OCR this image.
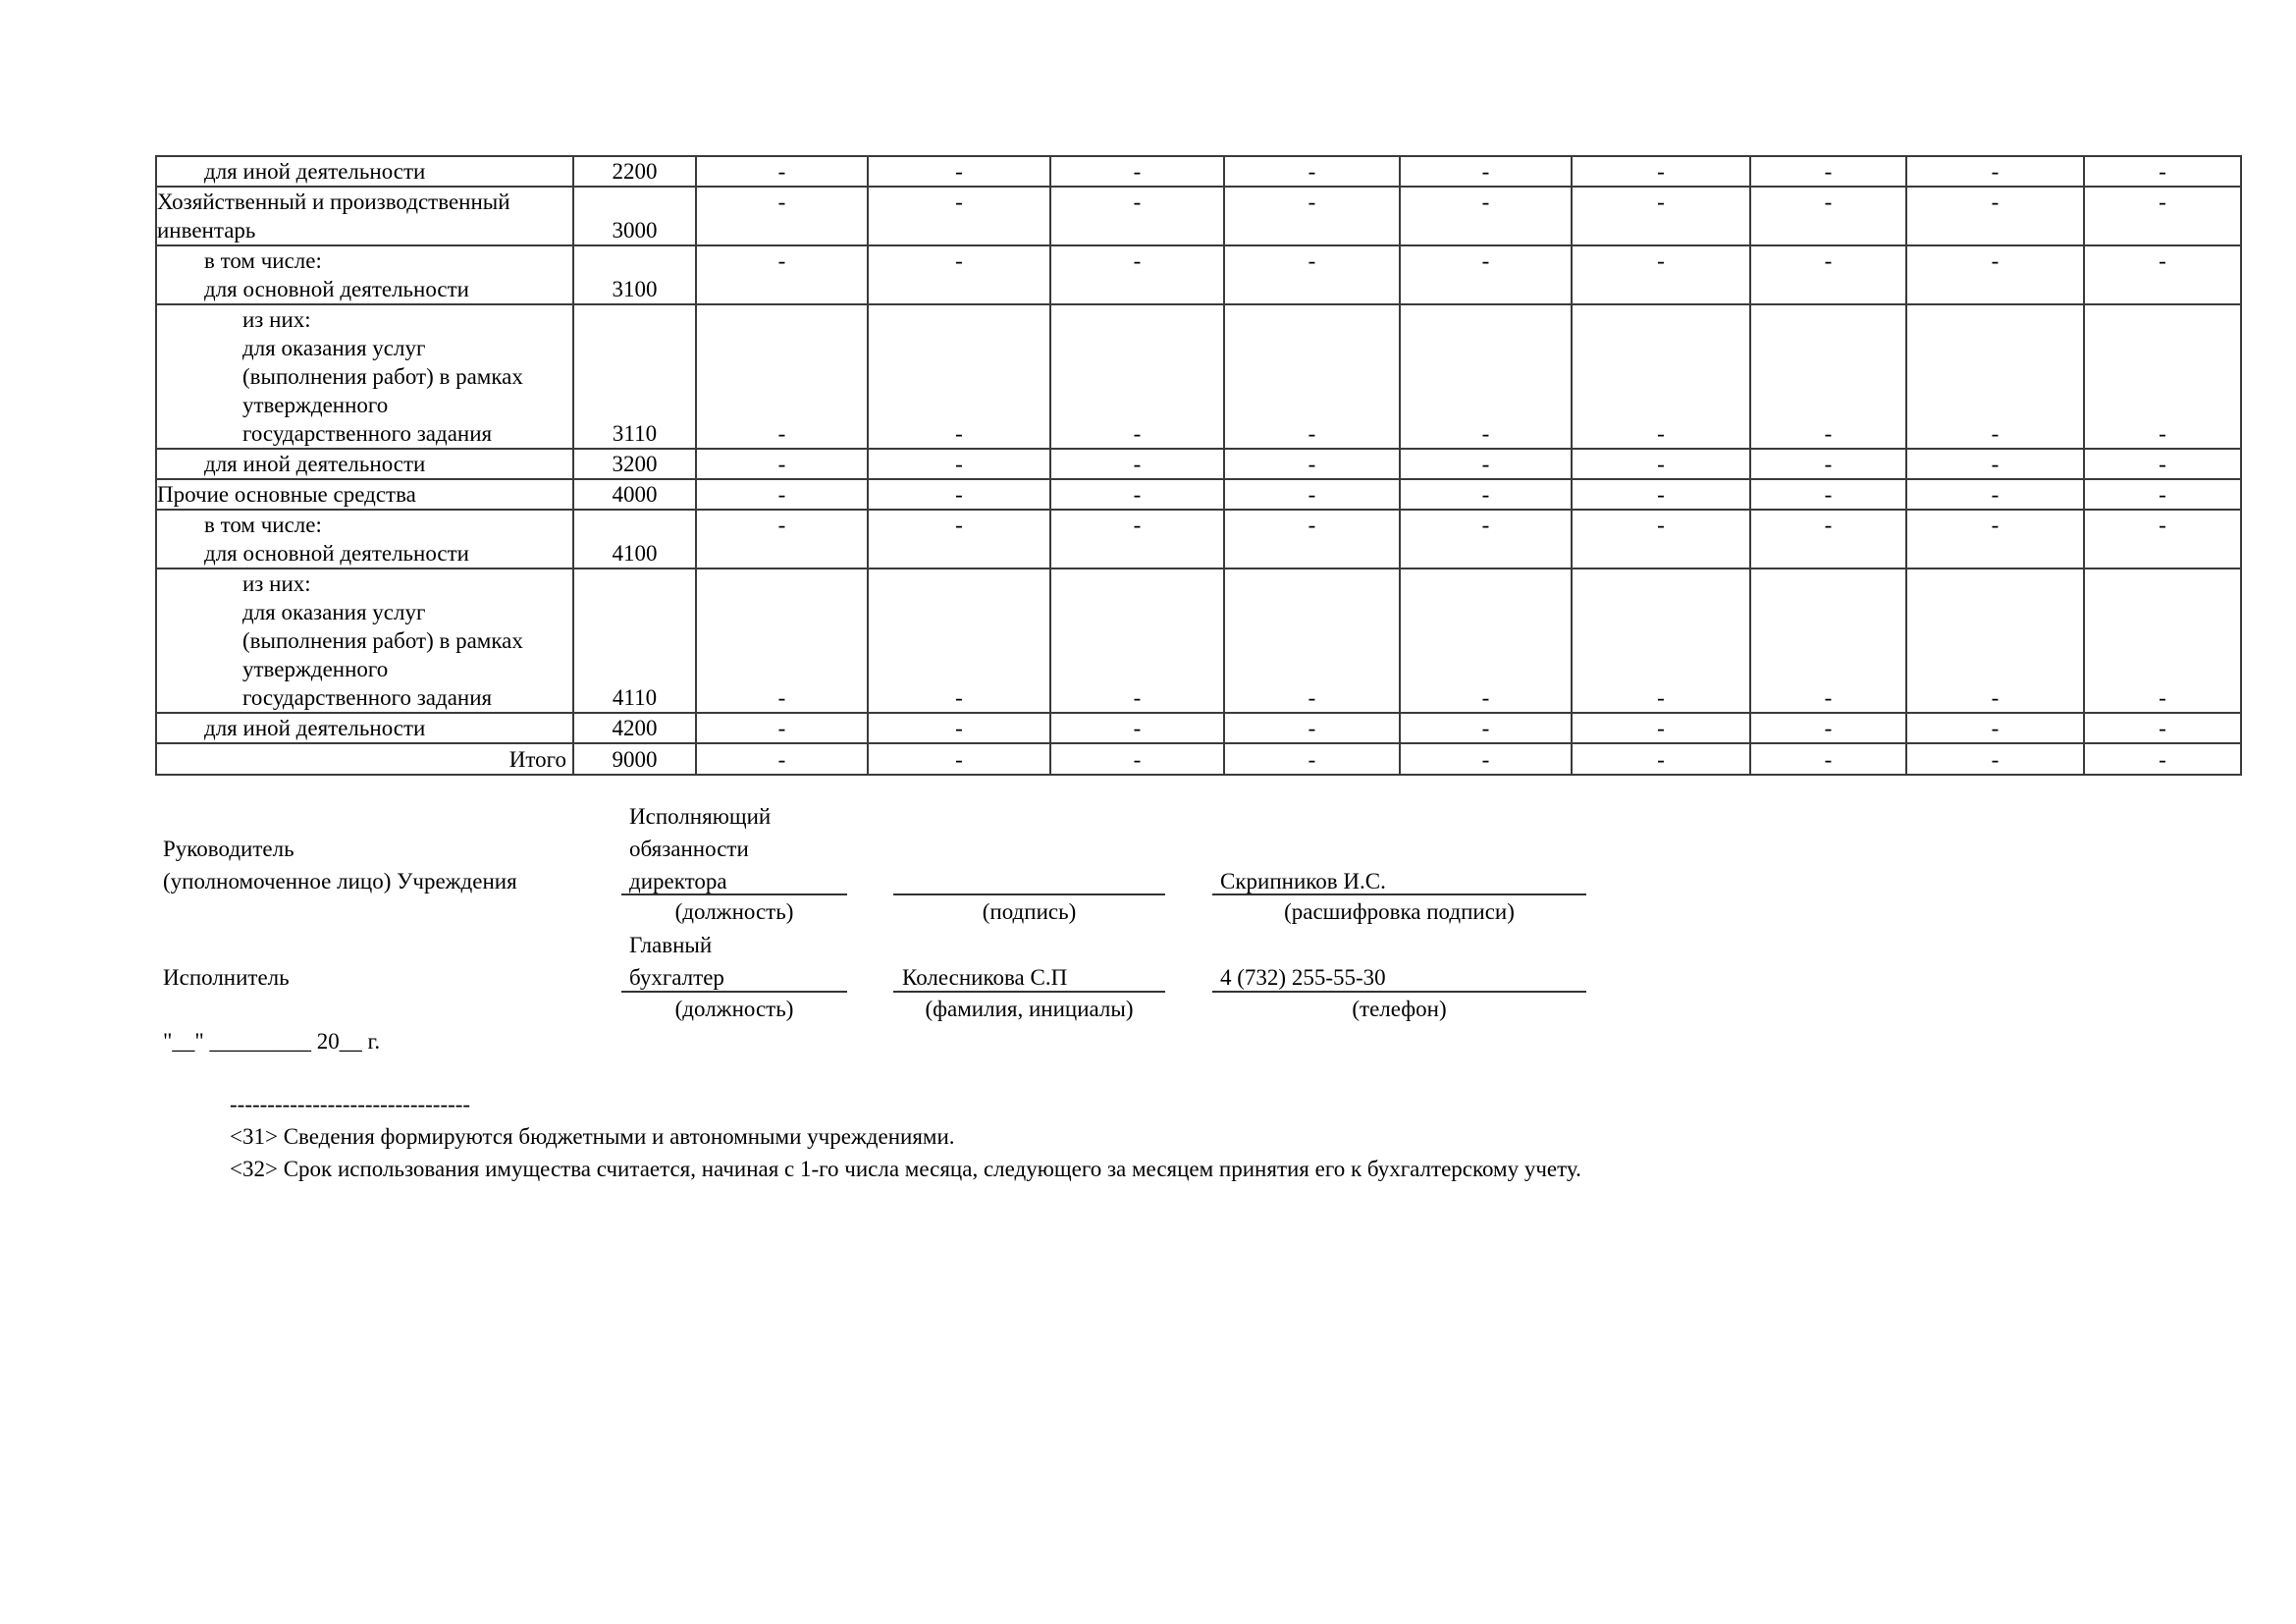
для иной деятельности	2200	-	-	-	-	-	-	-	-	-

Хозяйственный и производственный
инвентарь	3000	-	-	-	-	-	-	-	-	-

в том числе:
для основной деятельности	3100	-	-	-	-	-	-	-	-	-

из них:
для оказания услуг
(выполнения работ) в рамках
утвержденного
государственного задания	3110	-	-	-	-	-	-	-	-	-

для иной деятельности	3200	-	-	-	-	-	-	-	-	-

Прочие основные средства	4000	-	-	-	-	-	-	-	-	-

в том числе:
для основной деятельности	4100	-	-	-	-	-	-	-	-	-

из них:
для оказания услуг
(выполнения работ) в рамках
утвержденного
государственного задания	4110	-	-	-	-	-	-	-	-	-

для иной деятельности	4200	-	-	-	-	-	-	-	-	-

Итого	9000	-	-	-	-	-	-	-	-	-
Руководитель
(уполномоченное лицо) Учреждения
Исполняющий
обязанности
директора
(должность)	(подпись)
Скрипников И.С.
(расшифровка подписи)
Исполнитель
Главный
бухгалтер
(должность)
Колесникова С.П
(фамилия, инициалы)
4 (732) 255-55-30
(телефон)
"__" _________ 20__ г.
--------------------------------
<31> Сведения формируются бюджетными и автономными учреждениями.
<32> Срок использования имущества считается, начиная с 1-го числа месяца, следующего за месяцем принятия его к бухгалтерскому учету.
